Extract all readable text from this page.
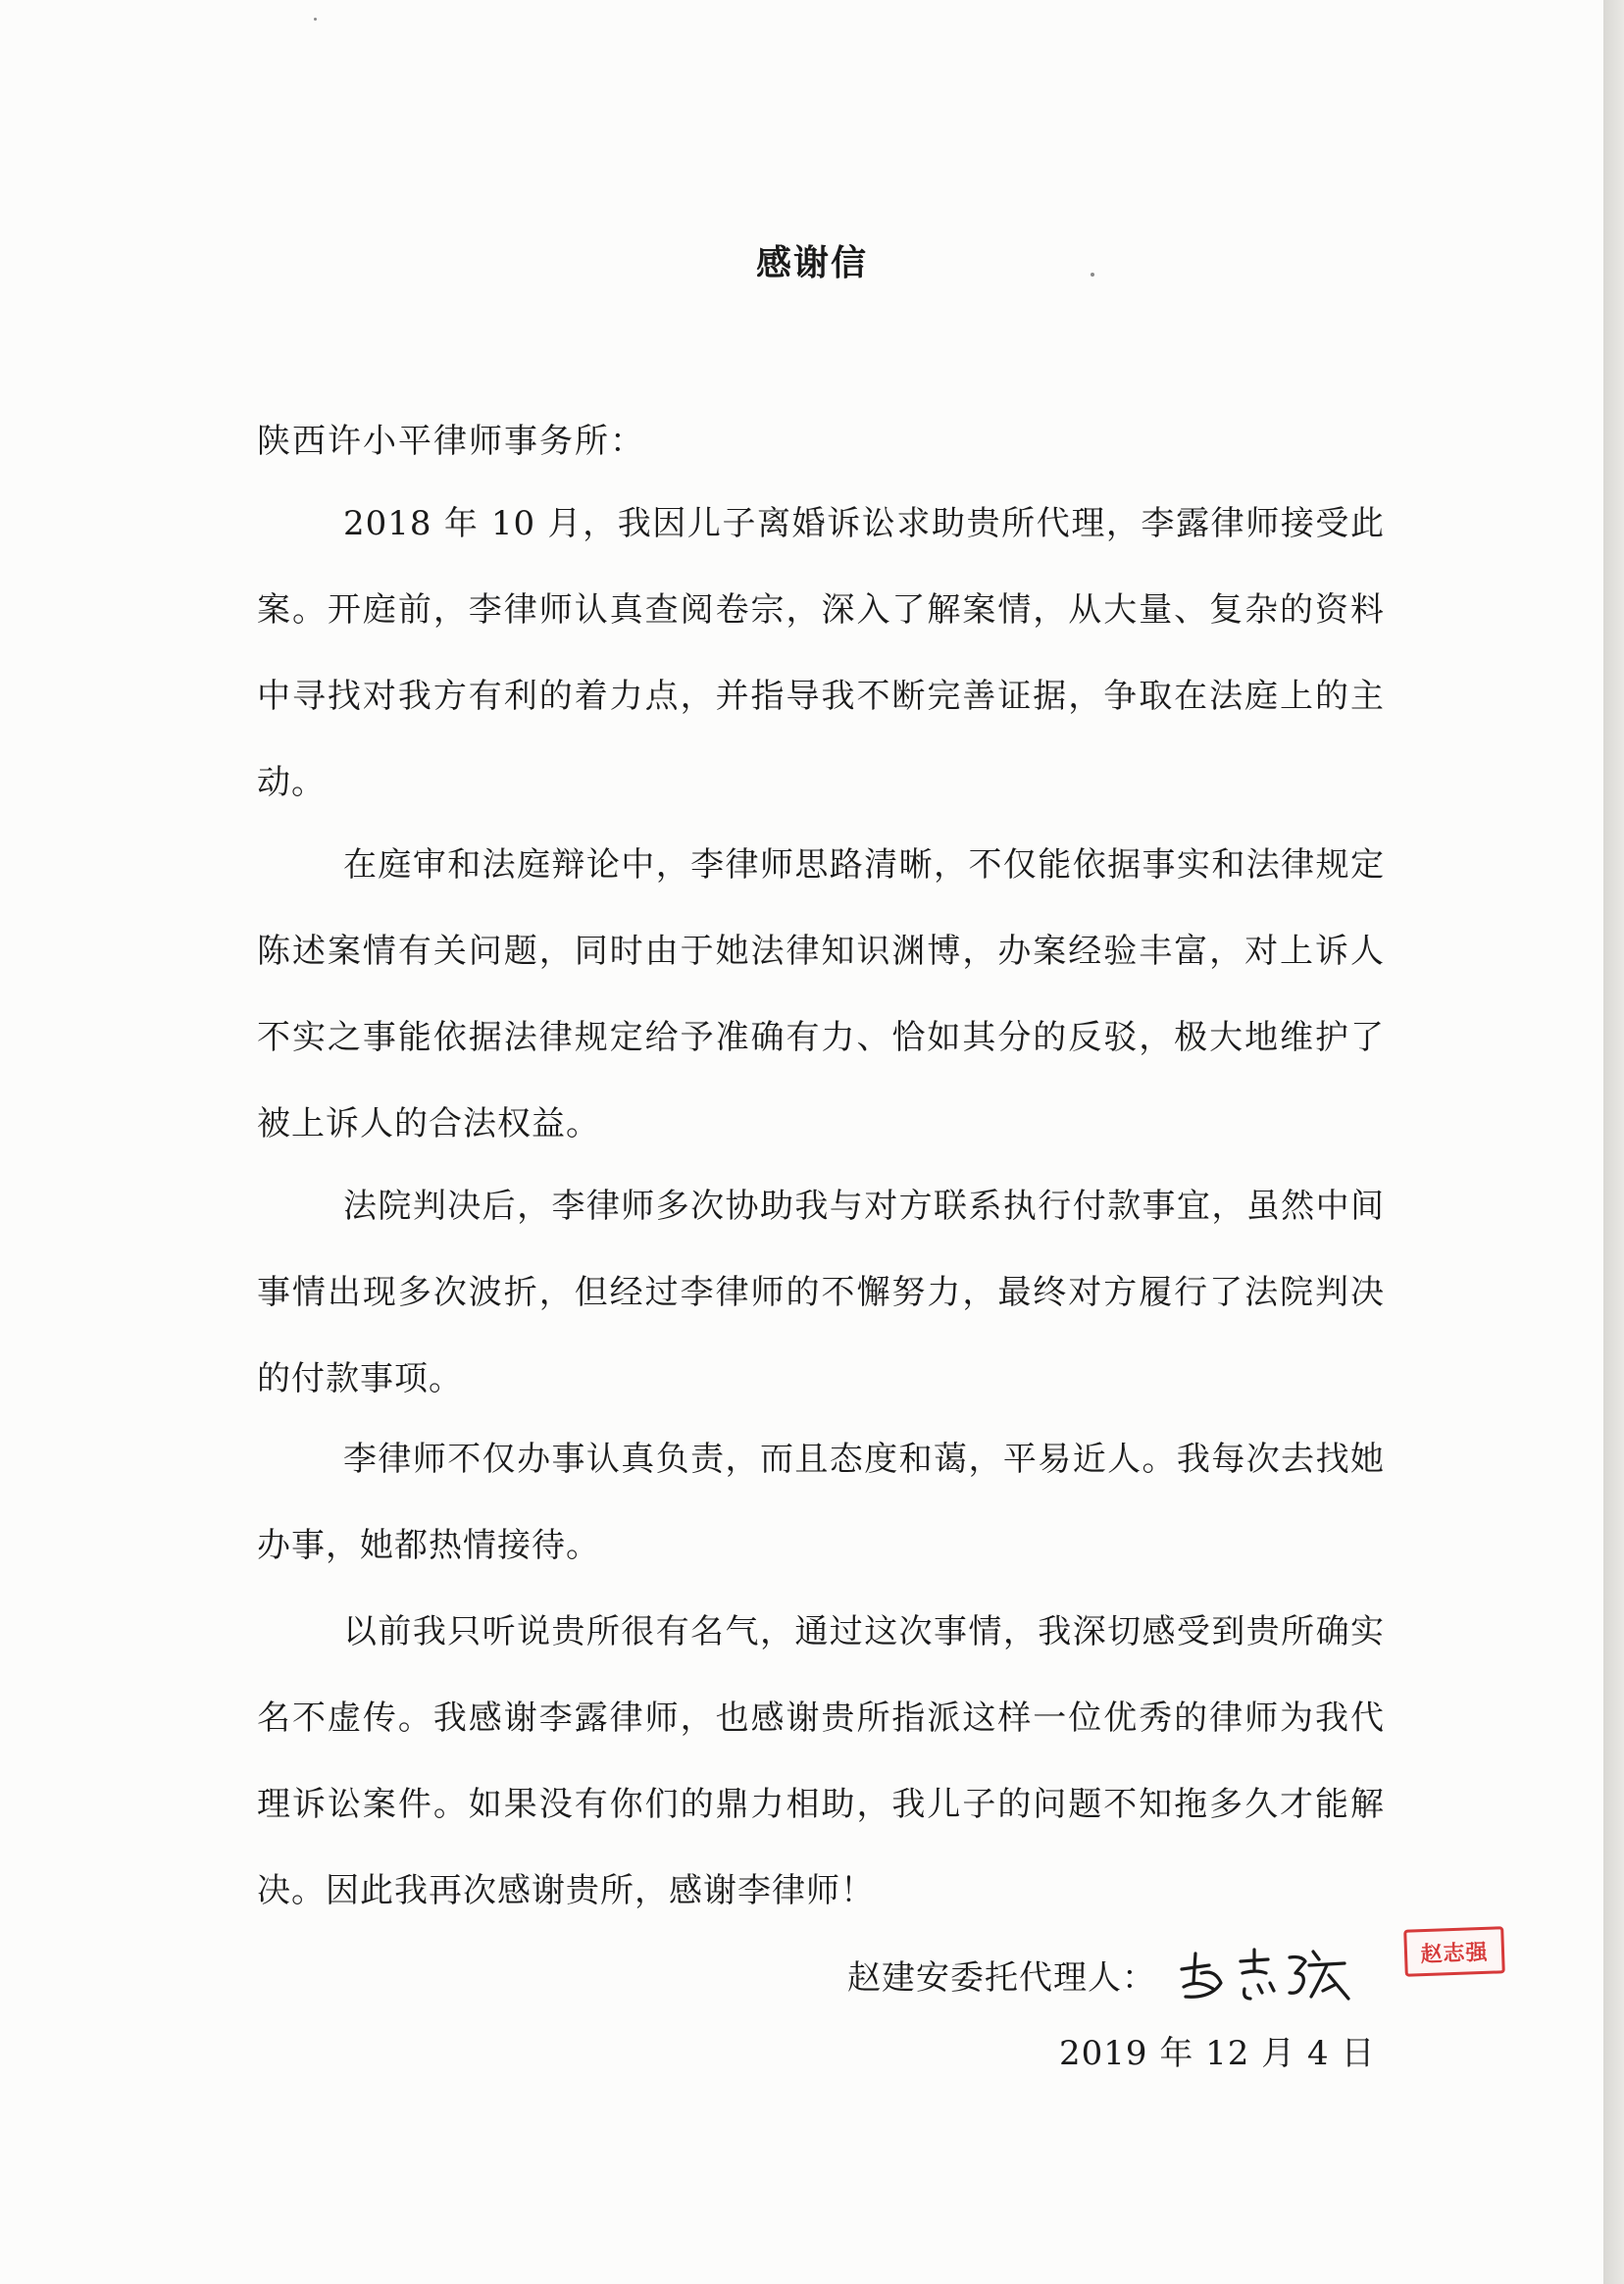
感谢信
陕西许小平律师事务所：

2018 年 10 月，我因儿子离婚诉讼求助贵所代理，李露律师接受此案。开庭前，李律师认真查阅卷宗，深入了解案情，从大量、复杂的资料中寻找对我方有利的着力点，并指导我不断完善证据，争取在法庭上的主动。

在庭审和法庭辩论中，李律师思路清晰，不仅能依据事实和法律规定陈述案情有关问题，同时由于她法律知识渊博，办案经验丰富，对上诉人不实之事能依据法律规定给予准确有力、恰如其分的反驳，极大地维护了被上诉人的合法权益。

法院判决后，李律师多次协助我与对方联系执行付款事宜，虽然中间事情出现多次波折，但经过李律师的不懈努力，最终对方履行了法院判决的付款事项。

李律师不仅办事认真负责，而且态度和蔼，平易近人。我每次去找她办事，她都热情接待。

以前我只听说贵所很有名气，通过这次事情，我深切感受到贵所确实名不虚传。我感谢李露律师，也感谢贵所指派这样一位优秀的律师为我代理诉讼案件。如果没有你们的鼎力相助，我儿子的问题不知拖多久才能解决。因此我再次感谢贵所，感谢李律师！

赵建安委托代理人：
赵志强
2019 年 12 月 4 日
